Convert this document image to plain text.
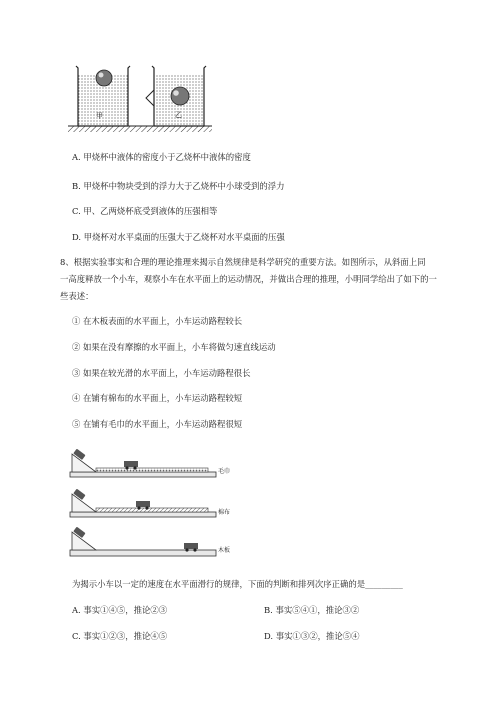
甲	乙
A. 甲烧杯中液体的密度小于乙烧杯中液体的密度
B. 甲烧杯中物块受到的浮力大于乙烧杯中小球受到的浮力
C. 甲、乙两烧杯底受到液体的压强相等
D. 甲烧杯对水平桌面的压强大于乙烧杯对水平桌面的压强
8、根据实验事实和合理的理论推理来揭示自然规律是科学研究的重要方法。如图所示，从斜面上同
一高度释放一个小车，观察小车在水平面上的运动情况，并做出合理的推理，小明同学给出了如下的一
些表述：
① 在木板表面的水平面上，小车运动路程较长
② 如果在没有摩擦的水平面上，小车将做匀速直线运动
③ 如果在较光滑的水平面上，小车运动路程很长
④ 在铺有棉布的水平面上，小车运动路程较短
⑤ 在铺有毛巾的水平面上，小车运动路程很短
毛巾
棉布
木板
为揭示小车以一定的速度在水平面滑行的规律，下面的判断和排列次序正确的是_________
A. 事实①④⑤，推论②③	B. 事实⑤④①，推论③②
C. 事实①②③，推论④⑤	D. 事实①③②，推论⑤④
